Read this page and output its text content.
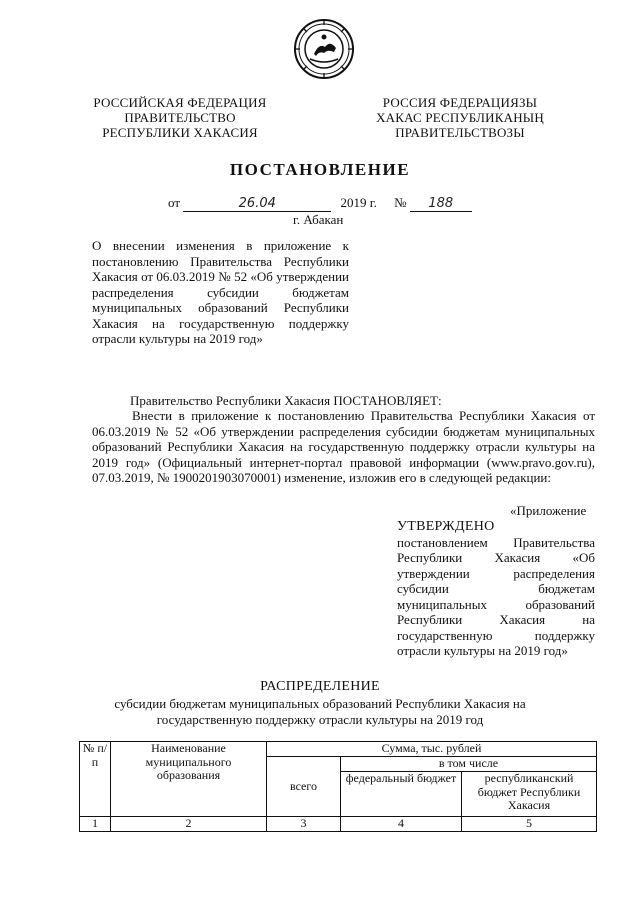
РОССИЙСКАЯ ФЕДЕРАЦИЯ
ПРАВИТЕЛЬСТВО
РЕСПУБЛИКИ ХАКАСИЯ
РОССИЯ ФЕДЕРАЦИЯЗЫ
ХАКАС РЕСПУБЛИКАНЫҢ
ПРАВИТЕЛЬСТВОЗЫ
ПОСТАНОВЛЕНИЕ
от	26.04	2019 г. № 188
г. Абакан
О внесении изменения в приложение к постановлению Правительства Республики Хакасия от 06.03.2019 № 52 «Об утверждении распределения субсидии бюджетам муниципальных образований Республики Хакасия на государственную поддержку отрасли культуры на 2019 год»
Правительство Республики Хакасия ПОСТАНОВЛЯЕТ:
Внести в приложение к постановлению Правительства Республики Хакасия от 06.03.2019 № 52 «Об утверждении распределения субсидии бюджетам муниципальных образований Республики Хакасия на государственную поддержку отрасли культуры на 2019 год» (Официальный интернет-портал правовой информации (www.pravo.gov.ru), 07.03.2019, № 1900201903070001) изменение, изложив его в следующей редакции:
«Приложение
УТВЕРЖДЕНО
постановлением Правительства Республики Хакасия «Об утверждении распределения субсидии бюджетам муниципальных образований Республики Хакасия на государственную поддержку отрасли культуры на 2019 год»
РАСПРЕДЕЛЕНИЕ
субсидии бюджетам муниципальных образований Республики Хакасия на государственную поддержку отрасли культуры на 2019 год
№ п/п	Наименование муниципального образования	Сумма, тыс. рублей		
		всего	в том числе	
			федеральный бюджет	республиканский бюджет Республики Хакасия
1	2	3	4	5
